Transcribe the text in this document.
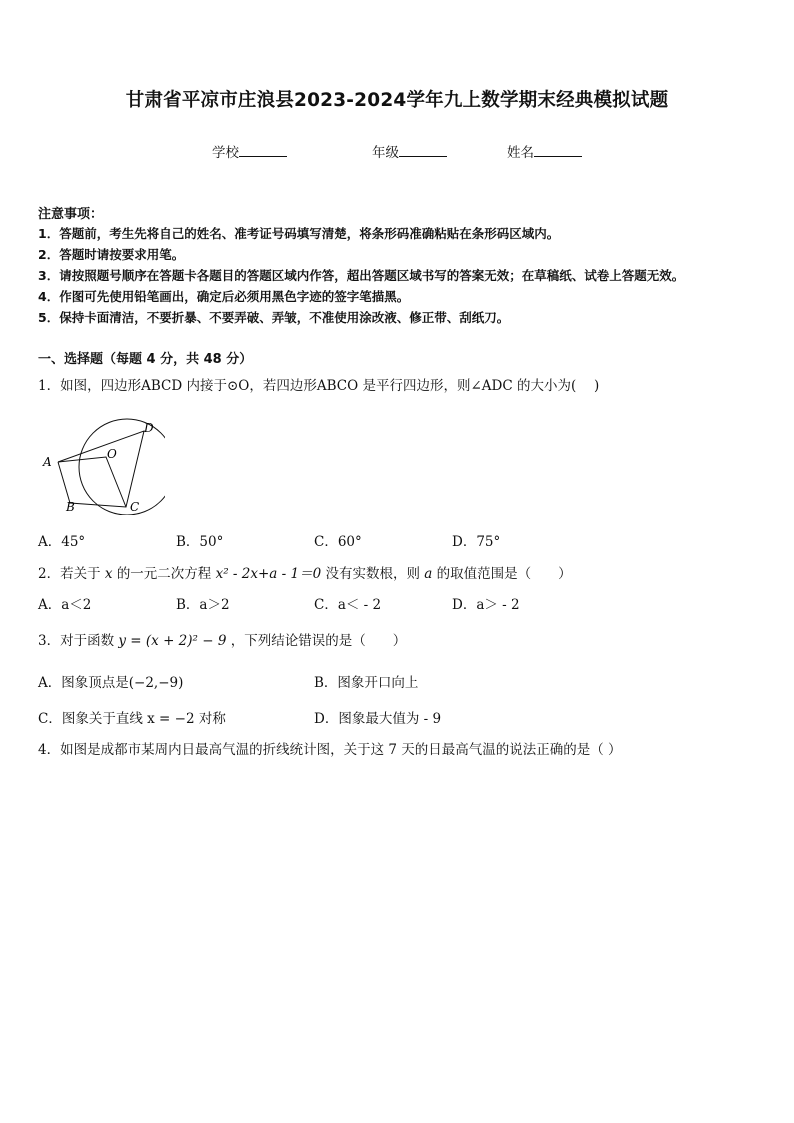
甘肃省平凉市庄浪县2023-2024学年九上数学期末经典模拟试题
学校	年级	姓名
注意事项：
1．答题前，考生先将自己的姓名、准考证号码填写清楚，将条形码准确粘贴在条形码区域内。
2．答题时请按要求用笔。
3．请按照题号顺序在答题卡各题目的答题区域内作答，超出答题区域书写的答案无效；在草稿纸、试卷上答题无效。
4．作图可先使用铅笔画出，确定后必须用黑色字迹的签字笔描黑。
5．保持卡面清洁，不要折暴、不要弄破、弄皱，不准使用涂改液、修正带、刮纸刀。
一、选择题（每题 4 分，共 48 分）
1．如图，四边形ABCD 内接于⊙O，若四边形ABCO 是平行四边形，则∠ADC 的大小为(　 )
A
B	C
D
O
A．45°	B．50°	C．60°	D．75°
2．若关于 x 的一元二次方程 x² - 2x+a - 1＝0 没有实数根，则 a 的取值范围是（　　）
A．a＜2	B．a＞2	C．a＜ - 2	D．a＞ - 2
3．对于函数 y = (x + 2)² − 9 ，下列结论错误的是（　　）
A．图象顶点是(−2,−9)	B．图象开口向上
C．图象关于直线 x = −2 对称	D．图象最大值为 - 9
4．如图是成都市某周内日最高气温的折线统计图，关于这 7 天的日最高气温的说法正确的是（ ）
